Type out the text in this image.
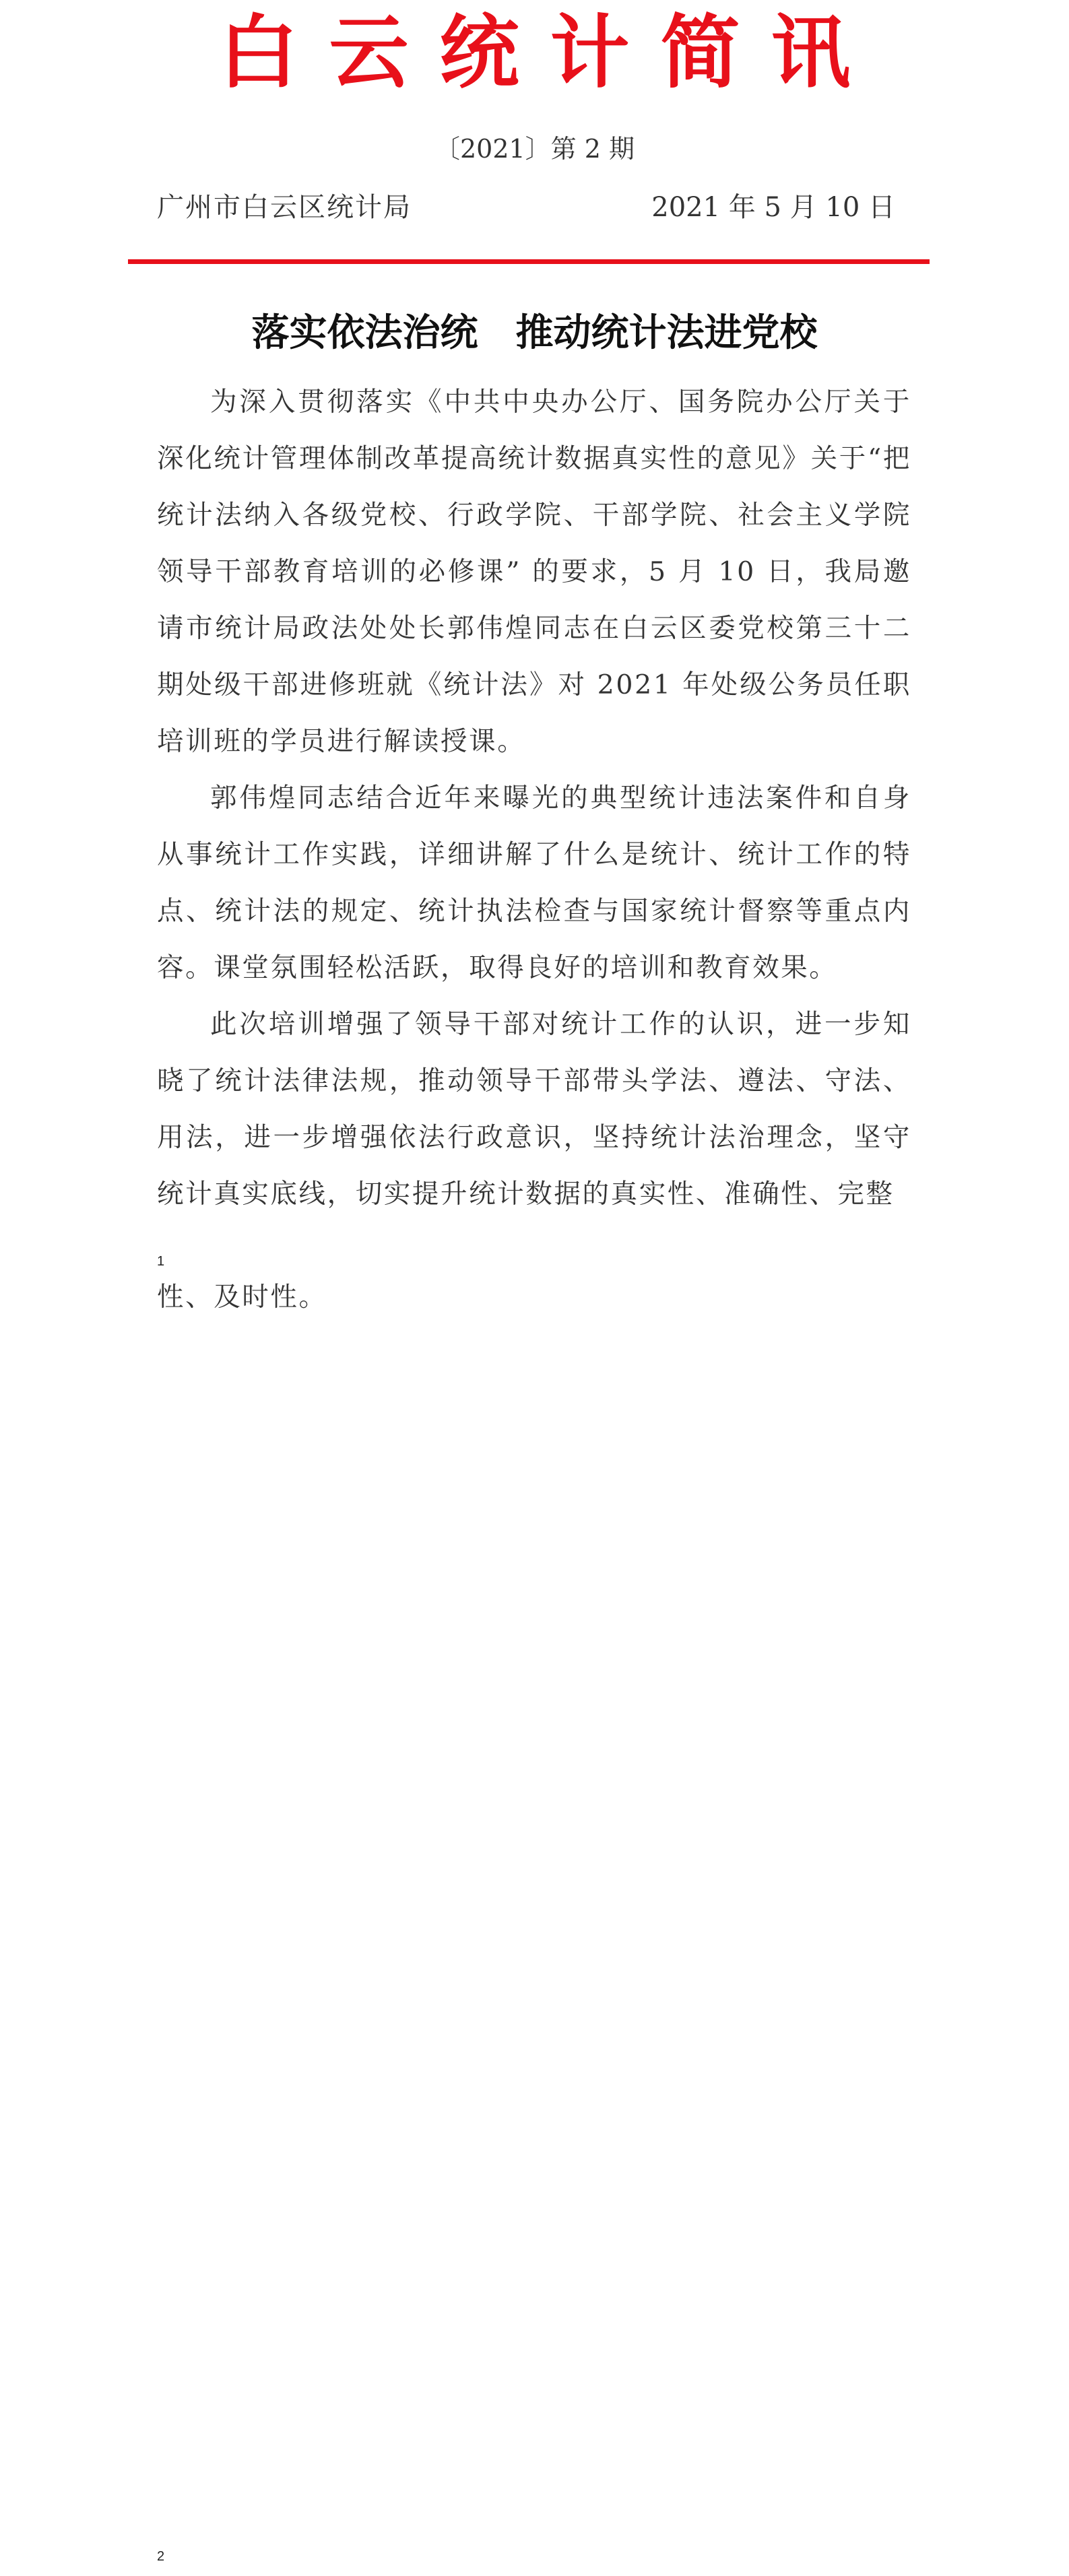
白云统计简讯
〔2021〕第 2 期
广州市白云区统计局	2021 年 5 月 10 日
落实依法治统　推动统计法进党校

为深入贯彻落实《中共中央办公厅、国务院办公厅关于深化统计管理体制改革提高统计数据真实性的意见》关于“把统计法纳入各级党校、行政学院、干部学院、社会主义学院领导干部教育培训的必修课” 的要求，5 月 10 日，我局邀请市统计局政法处处长郭伟煌同志在白云区委党校第三十二期处级干部进修班就《统计法》对 2021 年处级公务员任职培训班的学员进行解读授课。

郭伟煌同志结合近年来曝光的典型统计违法案件和自身从事统计工作实践，详细讲解了什么是统计、统计工作的特点、统计法的规定、统计执法检查与国家统计督察等重点内容。课堂氛围轻松活跃，取得良好的培训和教育效果。

此次培训增强了领导干部对统计工作的认识，进一步知晓了统计法律法规，推动领导干部带头学法、遵法、守法、用法，进一步增强依法行政意识，坚持统计法治理念，坚守统计真实底线，切实提升统计数据的真实性、准确性、完整

1
性、及时性。
2
